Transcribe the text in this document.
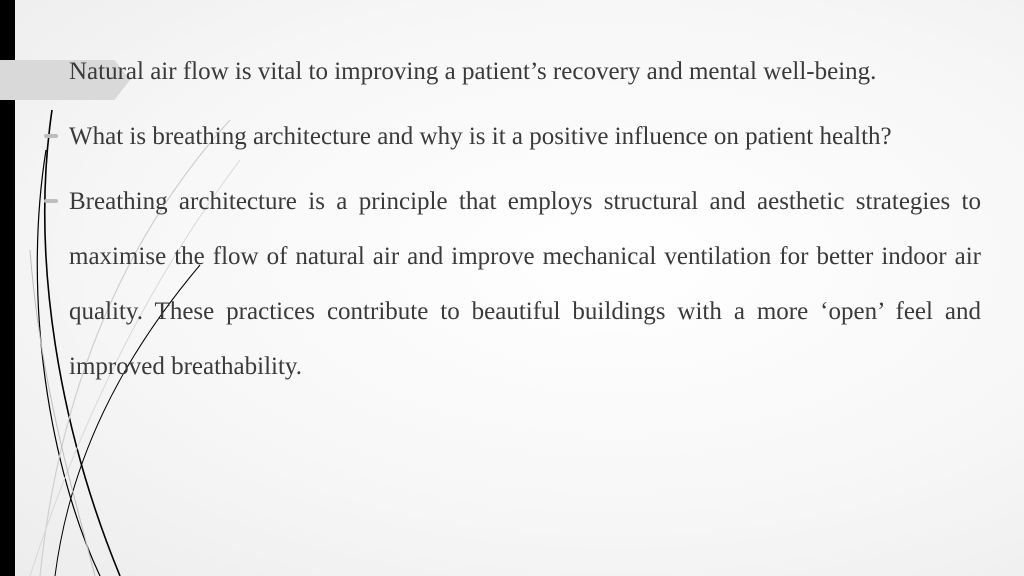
Natural air flow is vital to improving a patient’s recovery and mental well-being.

What is breathing architecture and why is it a positive influence on patient health?

Breathing architecture is a principle that employs structural and aesthetic strategies to maximise the flow of natural air and improve mechanical ventilation for better indoor air quality. These practices contribute to beautiful buildings with a more ‘open’ feel and improved breathability.
